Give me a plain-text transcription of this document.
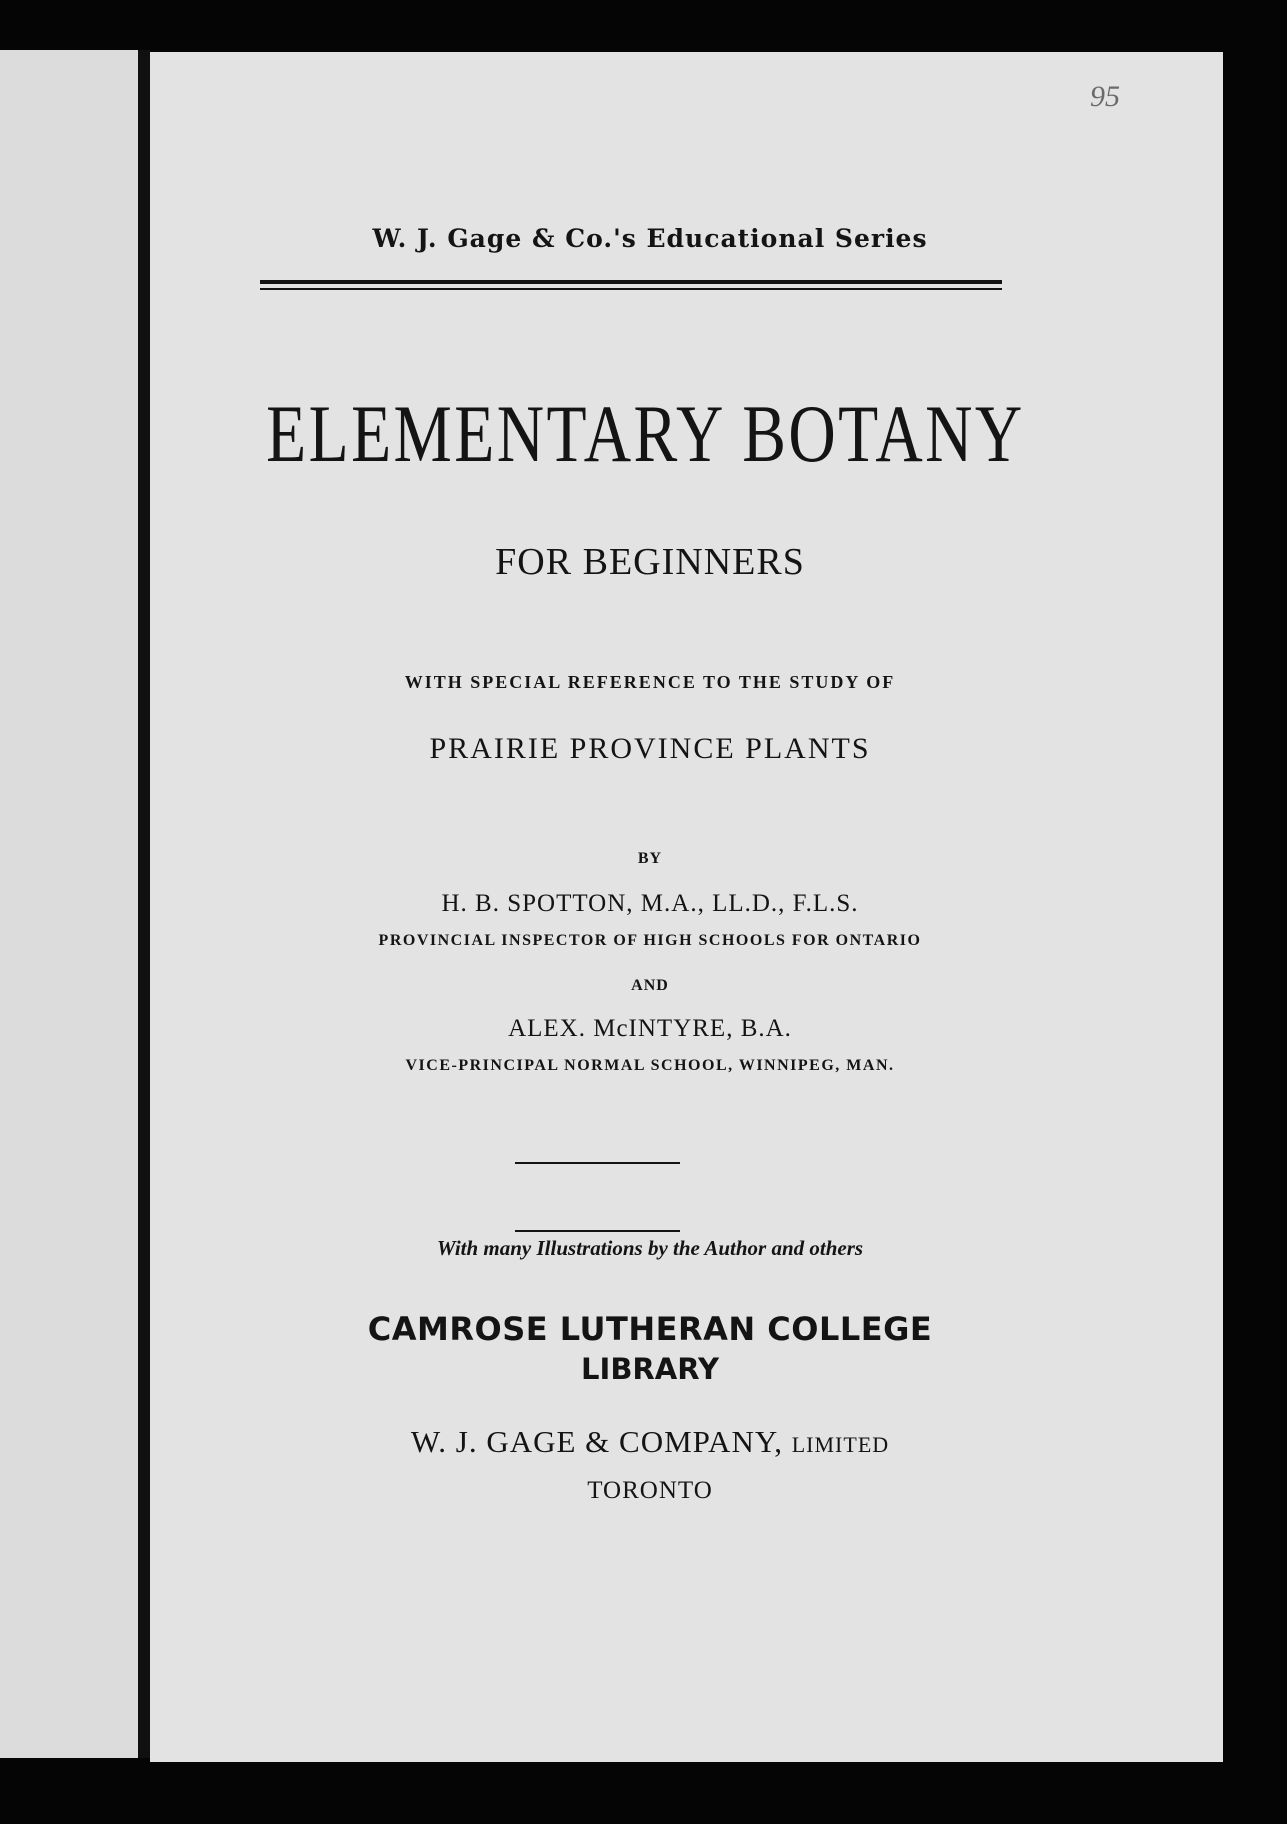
95
W. J. Gage & Co.'s Educational Series
ELEMENTARY BOTANY
FOR BEGINNERS
WITH SPECIAL REFERENCE TO THE STUDY OF
PRAIRIE PROVINCE PLANTS
BY
H. B. SPOTTON, M.A., LL.D., F.L.S.
PROVINCIAL INSPECTOR OF HIGH SCHOOLS FOR ONTARIO
AND
ALEX. McINTYRE, B.A.
VICE-PRINCIPAL NORMAL SCHOOL, WINNIPEG, MAN.
With many Illustrations by the Author and others
CAMROSE LUTHERAN COLLEGE
LIBRARY
W. J. GAGE & COMPANY, LIMITED
TORONTO
